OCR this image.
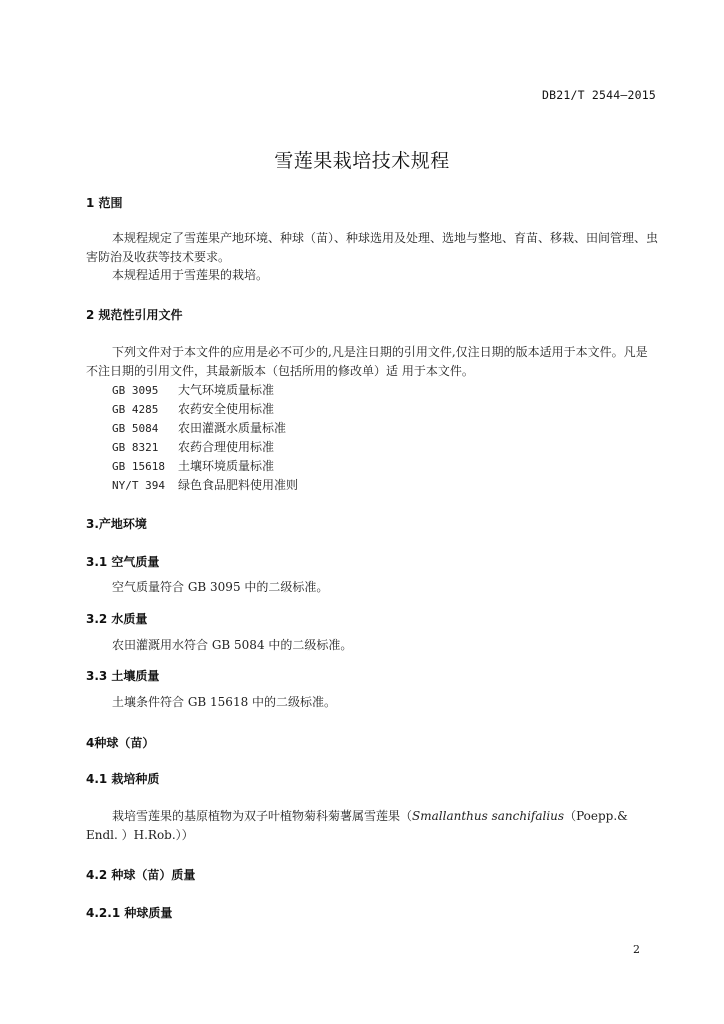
DB21/T 2544—2015
雪莲果栽培技术规程
1 范围

本规程规定了雪莲果产地环境、种球（苗）、种球选用及处理、选地与整地、育苗、移栽、田间管理、虫害防治及收获等技术要求。

本规程适用于雪莲果的栽培。

2 规范性引用文件

下列文件对于本文件的应用是必不可少的,凡是注日期的引用文件,仅注日期的版本适用于本文件。凡是不注日期的引用文件，其最新版本（包括所用的修改单）适 用于本文件。

GB 3095 大气环境质量标准
GB 4285 农药安全使用标准
GB 5084 农田灌溉水质量标准
GB 8321 农药合理使用标准
GB 15618 土壤环境质量标准
NY/T 394 绿色食品肥料使用准则
3.产地环境
3.1 空气质量

空气质量符合 GB 3095 中的二级标准。

3.2 水质量

农田灌溉用水符合 GB 5084 中的二级标准。

3.3 土壤质量

土壤条件符合 GB 15618 中的二级标准。

4种球（苗）
4.1 栽培种质

栽培雪莲果的基原植物为双子叶植物菊科菊薯属雪莲果（Smallanthus sanchifalius（Poepp.& Endl. ）H.Rob.））

4.2 种球（苗）质量
4.2.1 种球质量
2
